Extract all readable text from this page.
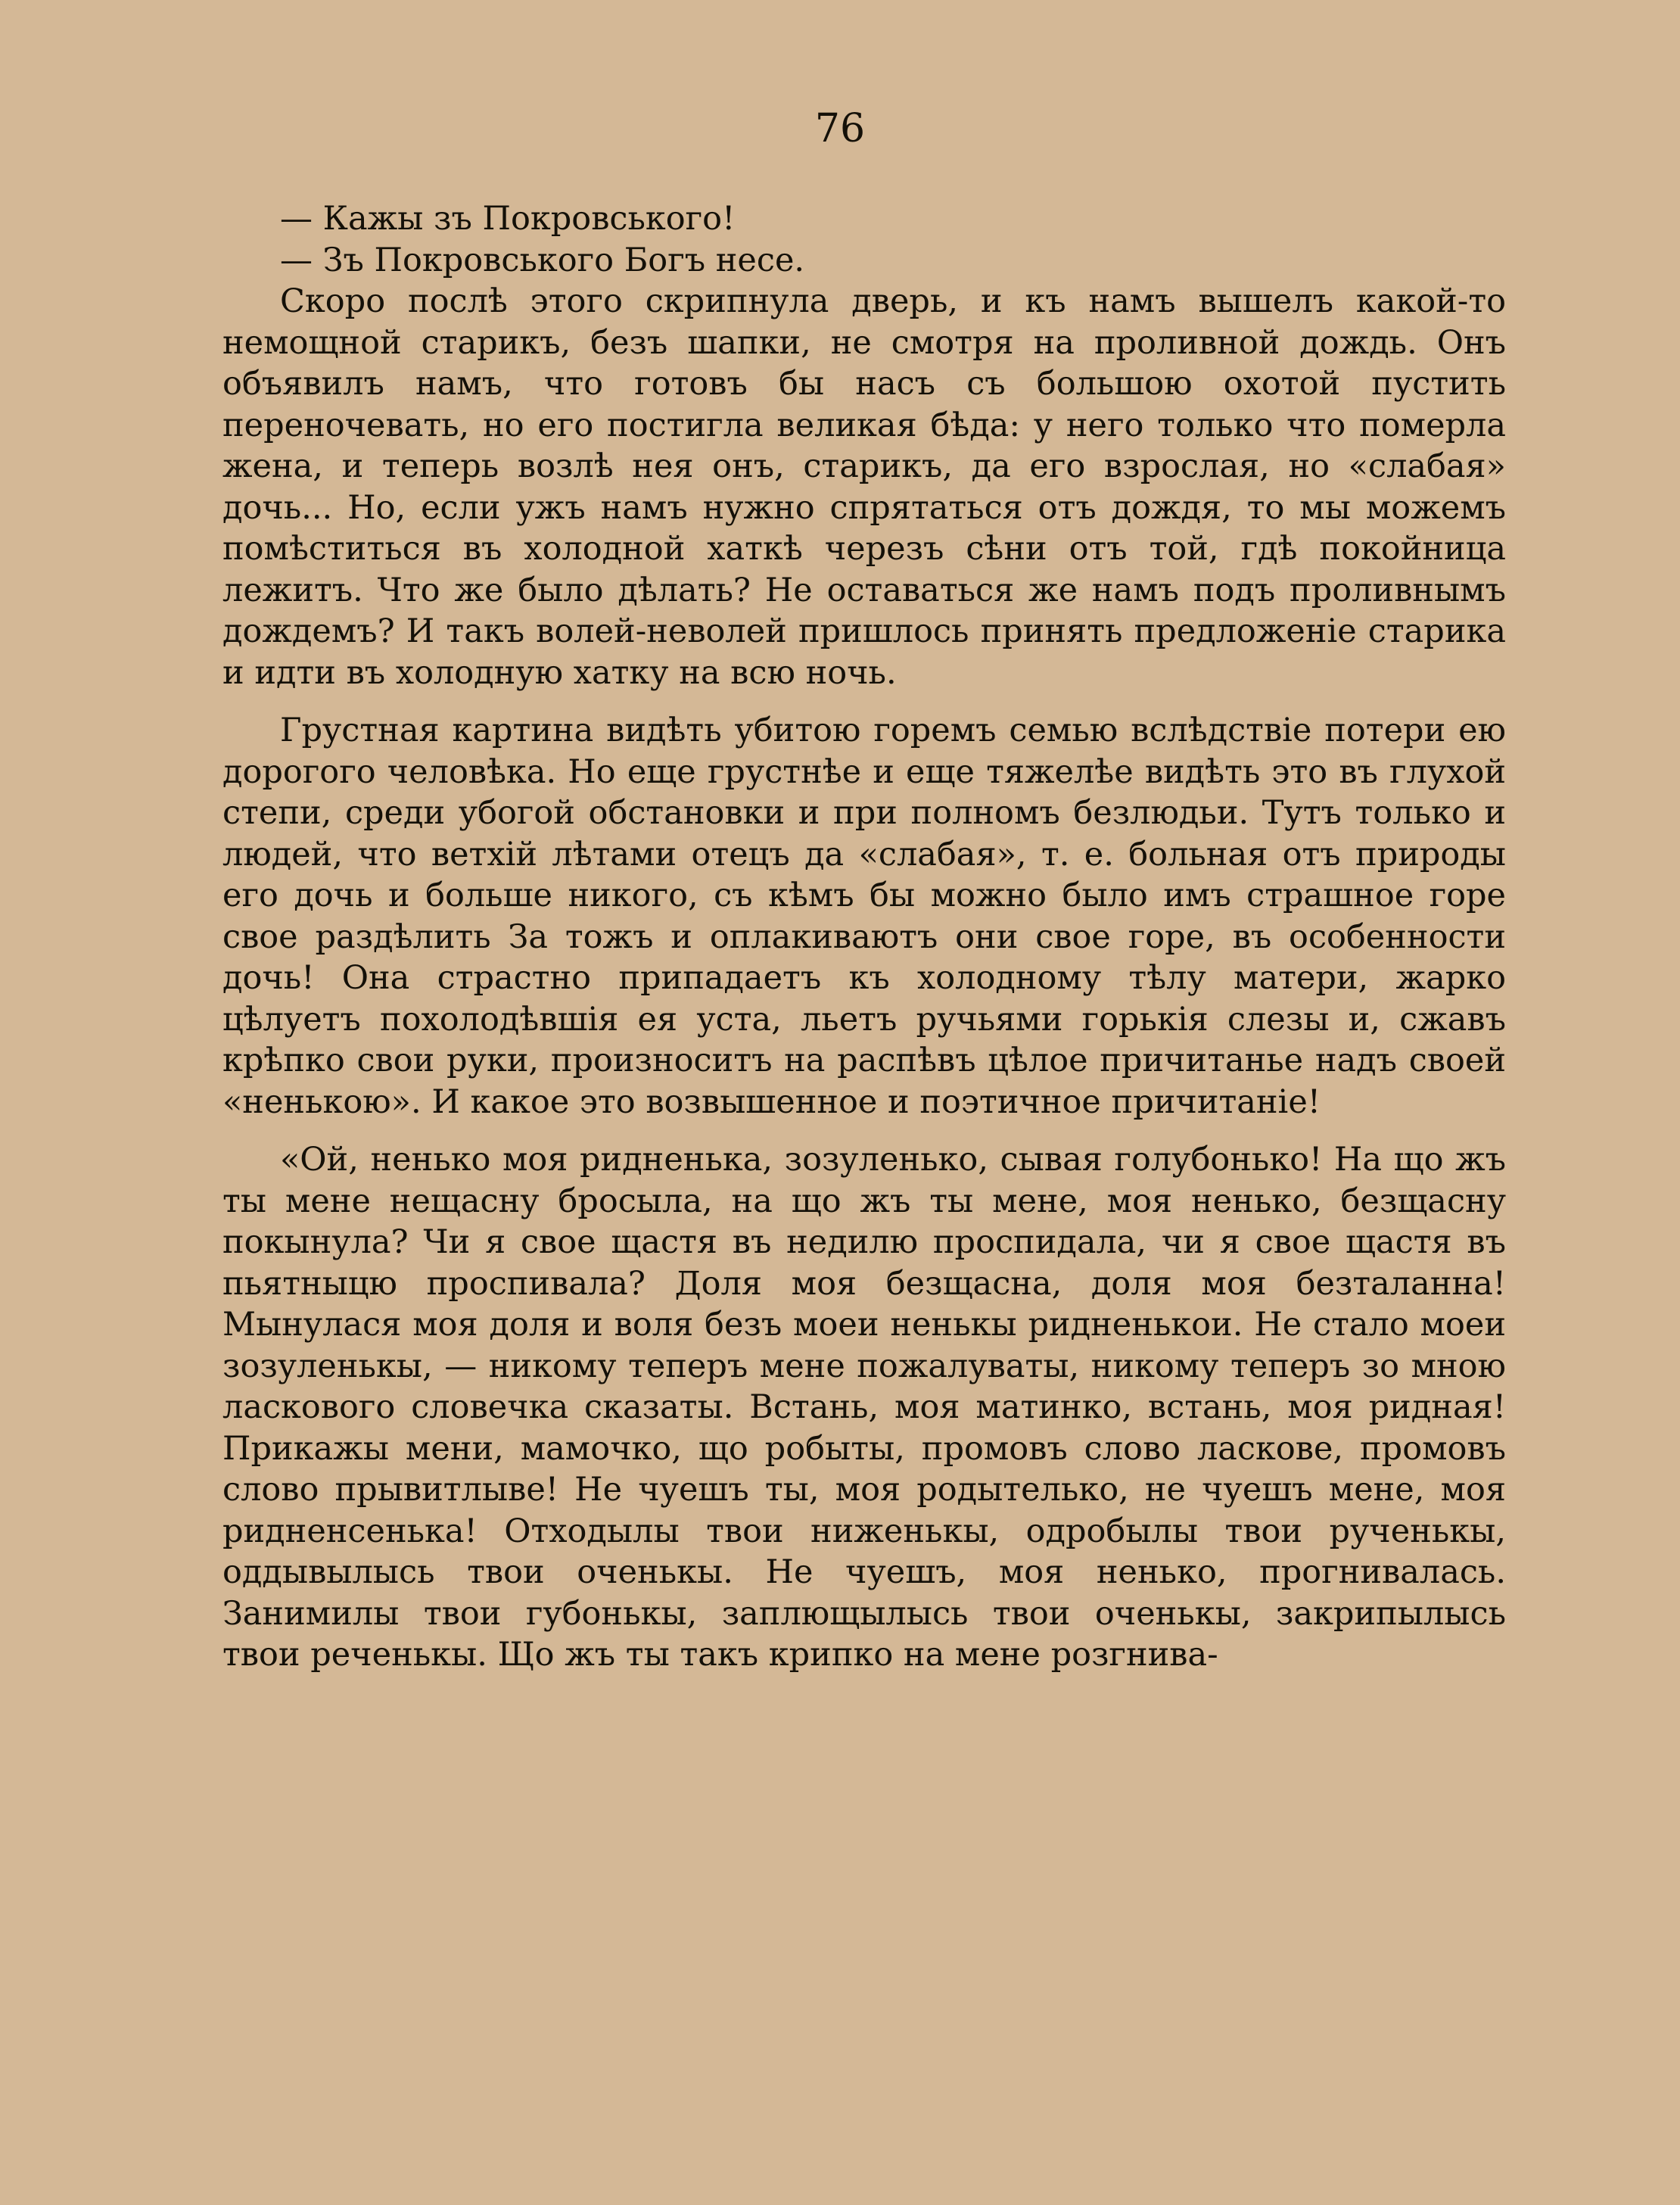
76

— Кажы зъ Покровського!

— Зъ Покровського Богъ несе.

Скоро послѣ этого скрипнула дверь, и къ намъ вышелъ какой-то немощной старикъ, безъ шапки, не смотря на проливной дождь. Онъ объявилъ намъ, что готовъ бы насъ съ большою охотой пустить переночевать, но его постигла великая бѣда: у него только что померла жена, и теперь возлѣ нея онъ, старикъ, да его взрослая, но «слабая» дочь... Но, если ужъ намъ нужно спрятаться отъ дождя, то мы можемъ помѣститься въ холодной хаткѣ черезъ сѣни отъ той, гдѣ покойница лежитъ. Что же было дѣлать? Не оставаться же намъ подъ проливнымъ дождемъ? И такъ волей-неволей пришлось принять предложеніе старика и идти въ холодную хатку на всю ночь.

Грустная картина видѣть убитою горемъ семью вслѣдствіе потери ею дорогого человѣка. Но еще грустнѣе и еще тяжелѣе видѣть это въ глухой степи, среди убогой обстановки и при полномъ безлюдьи. Тутъ только и людей, что ветхій лѣтами отецъ да «слабая», т. е. больная отъ природы его дочь и больше никого, съ кѣмъ бы можно было имъ страшное горе свое раздѣлить За тожъ и оплакиваютъ они свое горе, въ особенности дочь! Она страстно припадаетъ къ холодному тѣлу матери, жарко цѣлуетъ похолодѣвшія ея уста, льетъ ручьями горькія слезы и, сжавъ крѣпко свои руки, произноситъ на распѣвъ цѣлое причитанье надъ своей «ненькою». И какое это возвышенное и поэтичное причитаніе!

«Ой, ненько моя ридненька, зозуленько, сывая голубонько! На що жъ ты мене нещасну бросыла, на що жъ ты мене, моя ненько, безщасну покынула? Чи я свое щастя въ недилю проспидала, чи я свое щастя въ пьятныцю проспивала? Доля моя безщасна, доля моя безталанна! Мынулася моя доля и воля безъ моеи ненькы ридненькои. Не стало моеи зозуленькы, — никому теперъ мене пожалуваты, никому теперъ зо мною ласкового словечка сказаты. Встань, моя матинко, встань, моя ридная! Прикажы мени, мамочко, що робыты, промовъ слово ласкове, промовъ слово прывитлыве! Не чуешъ ты, моя родытелько, не чуешъ мене, моя ридненсенька! Отходылы твои ниженькы, одробылы твои рученькы, оддывылысь твои оченькы. Не чуешъ, моя ненько, прогнивалась. Занимилы твои губонькы, заплющылысь твои оченькы, закрипылысь твои реченькы. Що жъ ты такъ крипко на мене розгнива-
